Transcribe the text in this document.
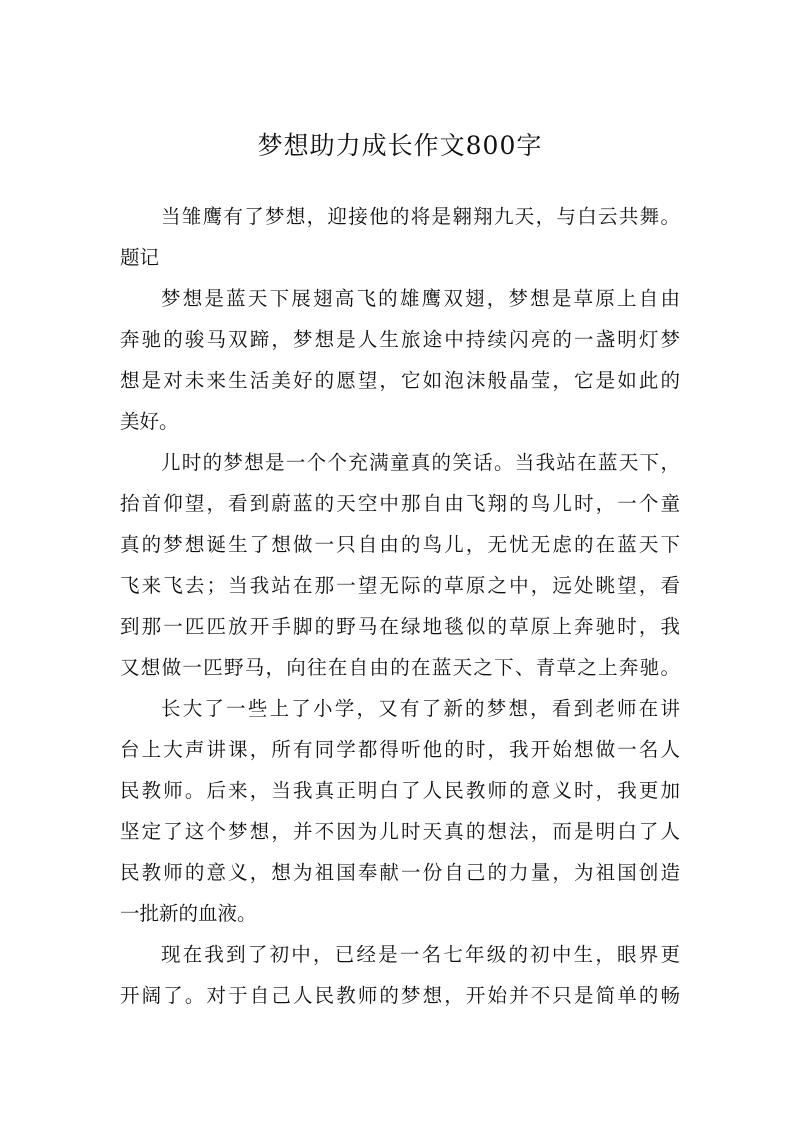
梦想助力成长作文800字
当雏鹰有了梦想，迎接他的将是翱翔九天，与白云共舞。
题记
梦想是蓝天下展翅高飞的雄鹰双翅，梦想是草原上自由
奔驰的骏马双蹄，梦想是人生旅途中持续闪亮的一盏明灯梦
想是对未来生活美好的愿望，它如泡沫般晶莹，它是如此的
美好。
儿时的梦想是一个个充满童真的笑话。当我站在蓝天下，
抬首仰望，看到蔚蓝的天空中那自由飞翔的鸟儿时，一个童
真的梦想诞生了想做一只自由的鸟儿，无忧无虑的在蓝天下
飞来飞去；当我站在那一望无际的草原之中，远处眺望，看
到那一匹匹放开手脚的野马在绿地毯似的草原上奔驰时，我
又想做一匹野马，向往在自由的在蓝天之下、青草之上奔驰。
长大了一些上了小学，又有了新的梦想，看到老师在讲
台上大声讲课，所有同学都得听他的时，我开始想做一名人
民教师。后来，当我真正明白了人民教师的意义时，我更加
坚定了这个梦想，并不因为儿时天真的想法，而是明白了人
民教师的意义，想为祖国奉献一份自己的力量，为祖国创造
一批新的血液。
现在我到了初中，已经是一名七年级的初中生，眼界更
开阔了。对于自己人民教师的梦想，开始并不只是简单的畅
